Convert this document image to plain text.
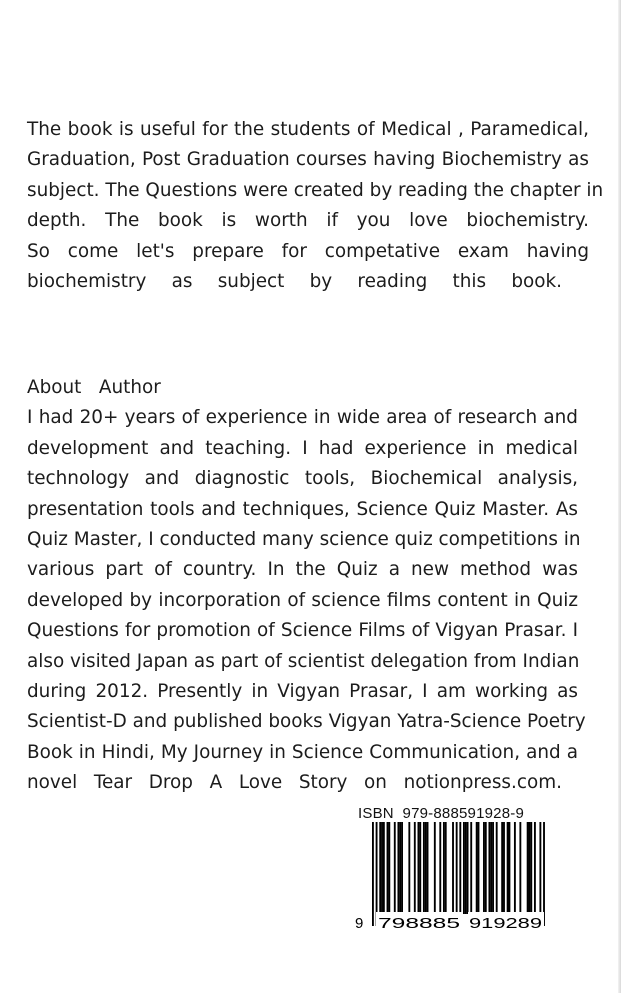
The book is useful for the students of Medical , Paramedical,
Graduation, Post Graduation courses having Biochemistry as
subject. The Questions were created by reading the chapter in
depth. The book is worth if you love biochemistry.
So come let's prepare for competative exam having
biochemistry as subject by reading this book.
About   Author
I had 20+ years of experience in wide area of research and
development and teaching. I had experience in medical
technology and diagnostic tools, Biochemical analysis,
presentation tools and techniques, Science Quiz Master. As
Quiz Master, I conducted many science quiz competitions in
various part of country. In the Quiz a new method was
developed by incorporation of science films content in Quiz
Questions for promotion of Science Films of Vigyan Prasar. I
also visited Japan as part of scientist delegation from Indian
during 2012. Presently in Vigyan Prasar, I am working as
Scientist-D and published books Vigyan Yatra-Science Poetry
Book in Hindi, My Journey in Science Communication, and a
novel Tear Drop A Love Story on notionpress.com.
ISBN  979-888591928-9
9 798885 919289
